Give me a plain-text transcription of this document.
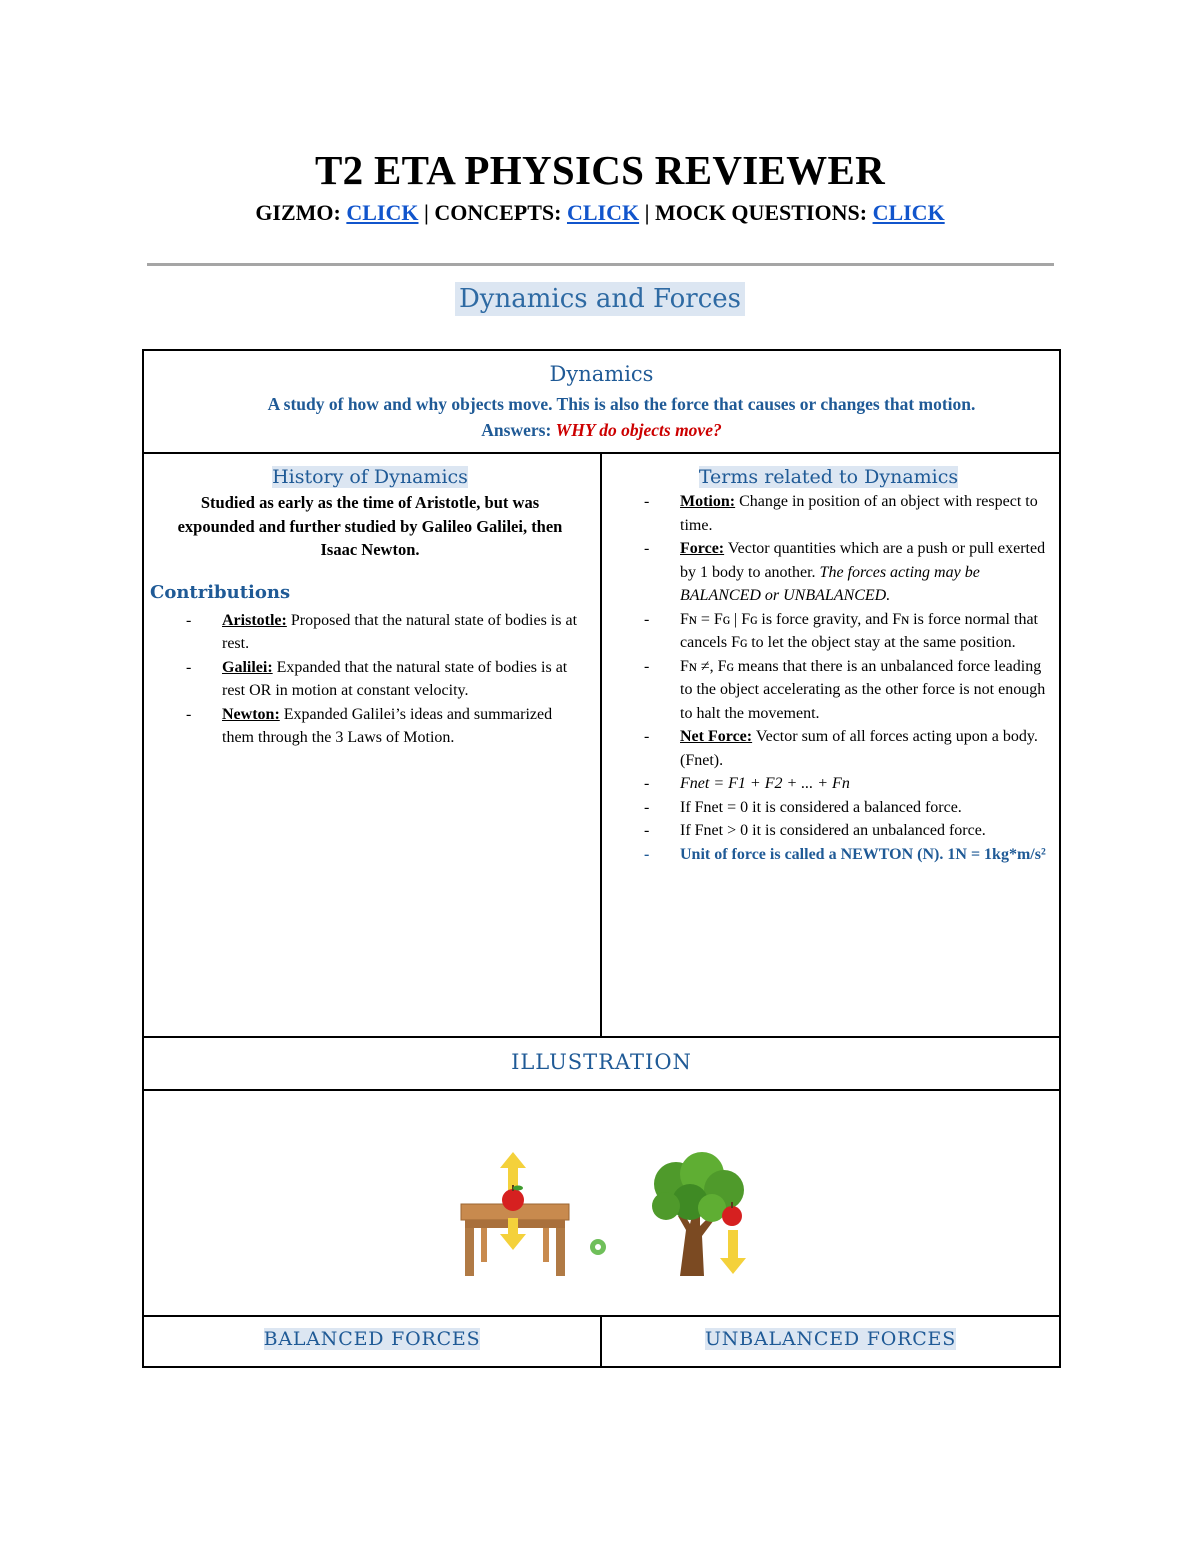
T2 ETA PHYSICS REVIEWER
GIZMO: CLICK | CONCEPTS: CLICK | MOCK QUESTIONS: CLICK
Dynamics and Forces
Dynamics
A study of how and why objects move. This is also the force that causes or changes that motion.
Answers: WHY do objects move?
History of Dynamics
Studied as early as the time of Aristotle, but was expounded and further studied by Galileo Galilei, then Isaac Newton.
Contributions
- Aristotle: Proposed that the natural state of bodies is at rest.
- Galilei: Expanded that the natural state of bodies is at rest OR in motion at constant velocity.
- Newton: Expanded Galilei’s ideas and summarized them through the 3 Laws of Motion.
Terms related to Dynamics
- Motion: Change in position of an object with respect to time.
- Force: Vector quantities which are a push or pull exerted by 1 body to another. The forces acting may be BALANCED or UNBALANCED.
- Fɴ = Fɢ | Fɢ is force gravity, and Fɴ is force normal that cancels Fɢ to let the object stay at the same position.
- Fɴ ≠, Fɢ means that there is an unbalanced force leading to the object accelerating as the other force is not enough to halt the movement.
- Net Force: Vector sum of all forces acting upon a body. (Fnet).
- Fnet = F1 + F2 + ... + Fn
- If Fnet = 0 it is considered a balanced force.
- If Fnet > 0 it is considered an unbalanced force.
- Unit of force is called a NEWTON (N). 1N = 1kg*m/s²
ILLUSTRATION
BALANCED FORCES	UNBALANCED FORCES
